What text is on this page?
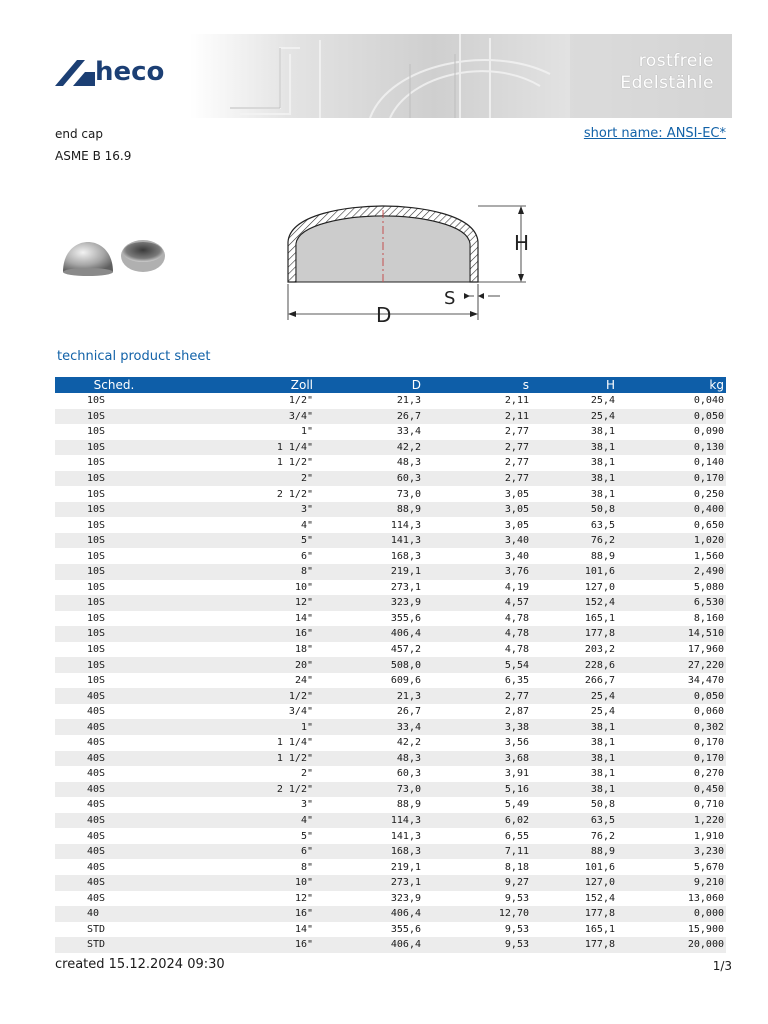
heco	rostfreie
Edelstähle
end cap
ASME B 16.9
short name: ANSI-EC*
H
D
S
technical product sheet
Sched.	Zoll	D	s	H	kg
10S	1/2"	21,3	2,11	25,4	0,040
10S	3/4"	26,7	2,11	25,4	0,050
10S	1"	33,4	2,77	38,1	0,090
10S	1 1/4"	42,2	2,77	38,1	0,130
10S	1 1/2"	48,3	2,77	38,1	0,140
10S	2"	60,3	2,77	38,1	0,170
10S	2 1/2"	73,0	3,05	38,1	0,250
10S	3"	88,9	3,05	50,8	0,400
10S	4"	114,3	3,05	63,5	0,650
10S	5"	141,3	3,40	76,2	1,020
10S	6"	168,3	3,40	88,9	1,560
10S	8"	219,1	3,76	101,6	2,490
10S	10"	273,1	4,19	127,0	5,080
10S	12"	323,9	4,57	152,4	6,530
10S	14"	355,6	4,78	165,1	8,160
10S	16"	406,4	4,78	177,8	14,510
10S	18"	457,2	4,78	203,2	17,960
10S	20"	508,0	5,54	228,6	27,220
10S	24"	609,6	6,35	266,7	34,470
40S	1/2"	21,3	2,77	25,4	0,050
40S	3/4"	26,7	2,87	25,4	0,060
40S	1"	33,4	3,38	38,1	0,302
40S	1 1/4"	42,2	3,56	38,1	0,170
40S	1 1/2"	48,3	3,68	38,1	0,170
40S	2"	60,3	3,91	38,1	0,270
40S	2 1/2"	73,0	5,16	38,1	0,450
40S	3"	88,9	5,49	50,8	0,710
40S	4"	114,3	6,02	63,5	1,220
40S	5"	141,3	6,55	76,2	1,910
40S	6"	168,3	7,11	88,9	3,230
40S	8"	219,1	8,18	101,6	5,670
40S	10"	273,1	9,27	127,0	9,210
40S	12"	323,9	9,53	152,4	13,060
40	16"	406,4	12,70	177,8	0,000
STD	14"	355,6	9,53	165,1	15,900
STD	16"	406,4	9,53	177,8	20,000
created 15.12.2024 09:30	1/3
